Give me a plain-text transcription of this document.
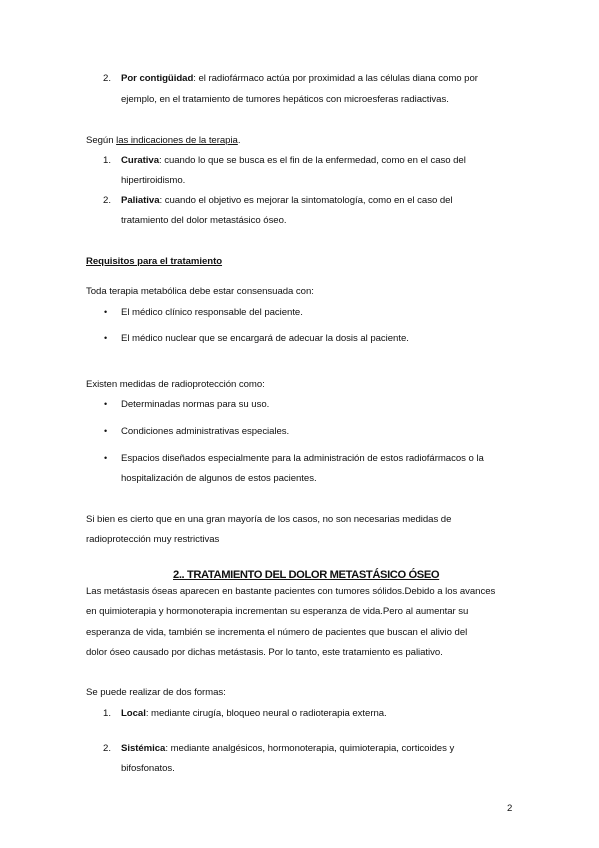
2. Por contigüidad: el radiofármaco actúa por proximidad a las células diana como por
ejemplo, en el tratamiento de tumores hepáticos con microesferas radiactivas.
Según las indicaciones de la terapia.
1. Curativa: cuando lo que se busca es el fin de la enfermedad, como en el caso del
hipertiroidismo.
2. Paliativa: cuando el objetivo es mejorar la sintomatología, como en el caso del
tratamiento del dolor metastásico óseo.
Requisitos para el tratamiento
Toda terapia metabólica debe estar consensuada con:
• El médico clínico responsable del paciente.
• El médico nuclear que se encargará de adecuar la dosis al paciente.
Existen medidas de radioprotección como:
• Determinadas normas para su uso.
• Condiciones administrativas especiales.
• Espacios diseñados especialmente para la administración de estos radiofármacos o la
hospitalización de algunos de estos pacientes.
Si bien es cierto que en una gran mayoría de los casos, no son necesarias medidas de
radioprotección muy restrictivas
2.. TRATAMIENTO DEL DOLOR METASTÁSICO ÓSEO
Las metástasis óseas aparecen en bastante pacientes con tumores sólidos.Debido a los avances
en quimioterapia y hormonoterapia incrementan su esperanza de vida.Pero al aumentar su
esperanza de vida, también se incrementa el número de pacientes que buscan el alivio del
dolor óseo causado por dichas metástasis. Por lo tanto, este tratamiento es paliativo.
Se puede realizar de dos formas:
1. Local: mediante cirugía, bloqueo neural o radioterapia externa.
2. Sistémica: mediante analgésicos, hormonoterapia, quimioterapia, corticoides y
bifosfonatos.
2
